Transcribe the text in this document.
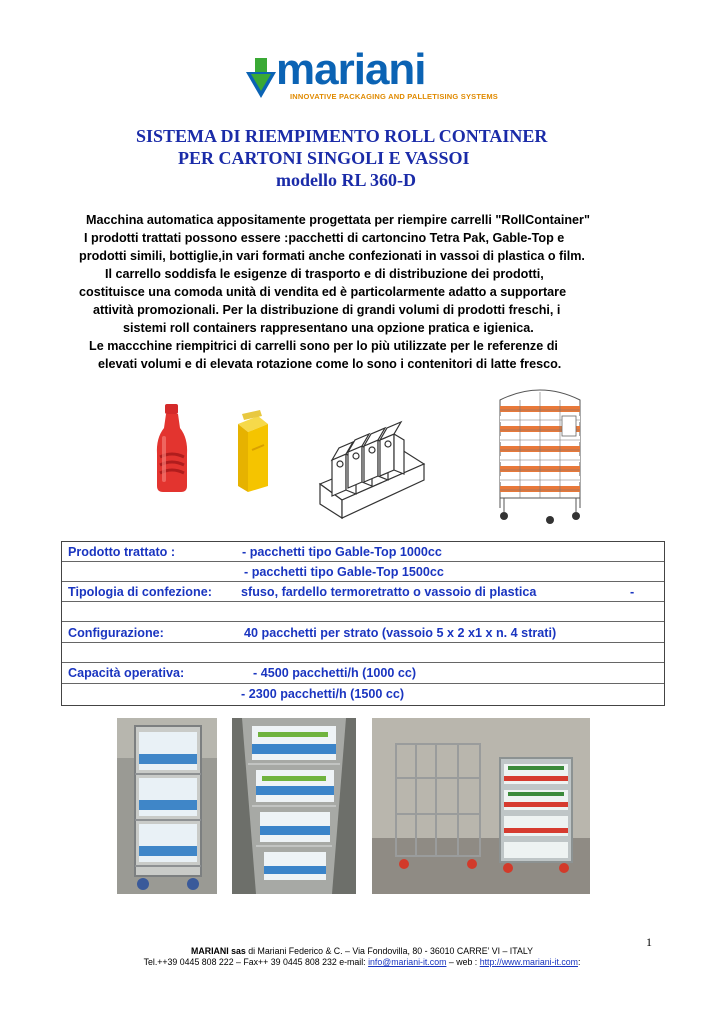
mariani
INNOVATIVE PACKAGING AND PALLETISING SYSTEMS
SISTEMA DI RIEMPIMENTO ROLL CONTAINER
PER CARTONI SINGOLI E VASSOI
modello RL 360-D
Macchina automatica appositamente progettata per riempire carrelli "RollContainer"
I prodotti trattati possono essere :pacchetti di cartoncino Tetra Pak, Gable-Top e
prodotti simili, bottiglie,in vari formati anche confezionati in vassoi di plastica o film.
Il carrello soddisfa le esigenze di trasporto e di distribuzione dei prodotti,
costituisce una comoda unità di vendita ed è particolarmente adatto a supportare
attività promozionali. Per la distribuzione di grandi volumi di prodotti freschi, i
sistemi roll containers rappresentano una opzione pratica e igienica.
Le maccchine riempitrici di carrelli sono per lo più utilizzate per le referenze di
elevati volumi e di elevata rotazione come lo sono i contenitori di latte fresco.
Prodotto trattato :	- pacchetti tipo Gable-Top 1000cc
- pacchetti tipo Gable-Top 1500cc
Tipologia di confezione: sfuso, fardello termoretratto o vassoio di plastica	-
Configurazione:	40 pacchetti per strato (vassoio 5 x 2 x1 x n. 4 strati)
Capacità operativa:	- 4500 pacchetti/h (1000 cc)
- 2300 pacchetti/h (1500 cc)
1
MARIANI sas di Mariani Federico & C. – Via Fondovilla, 80 - 36010 CARRE’ VI – ITALY
Tel.++39 0445 808 222 – Fax++ 39 0445 808 232 e-mail: info@mariani-it.com – web : http://www.mariani-it.com:
